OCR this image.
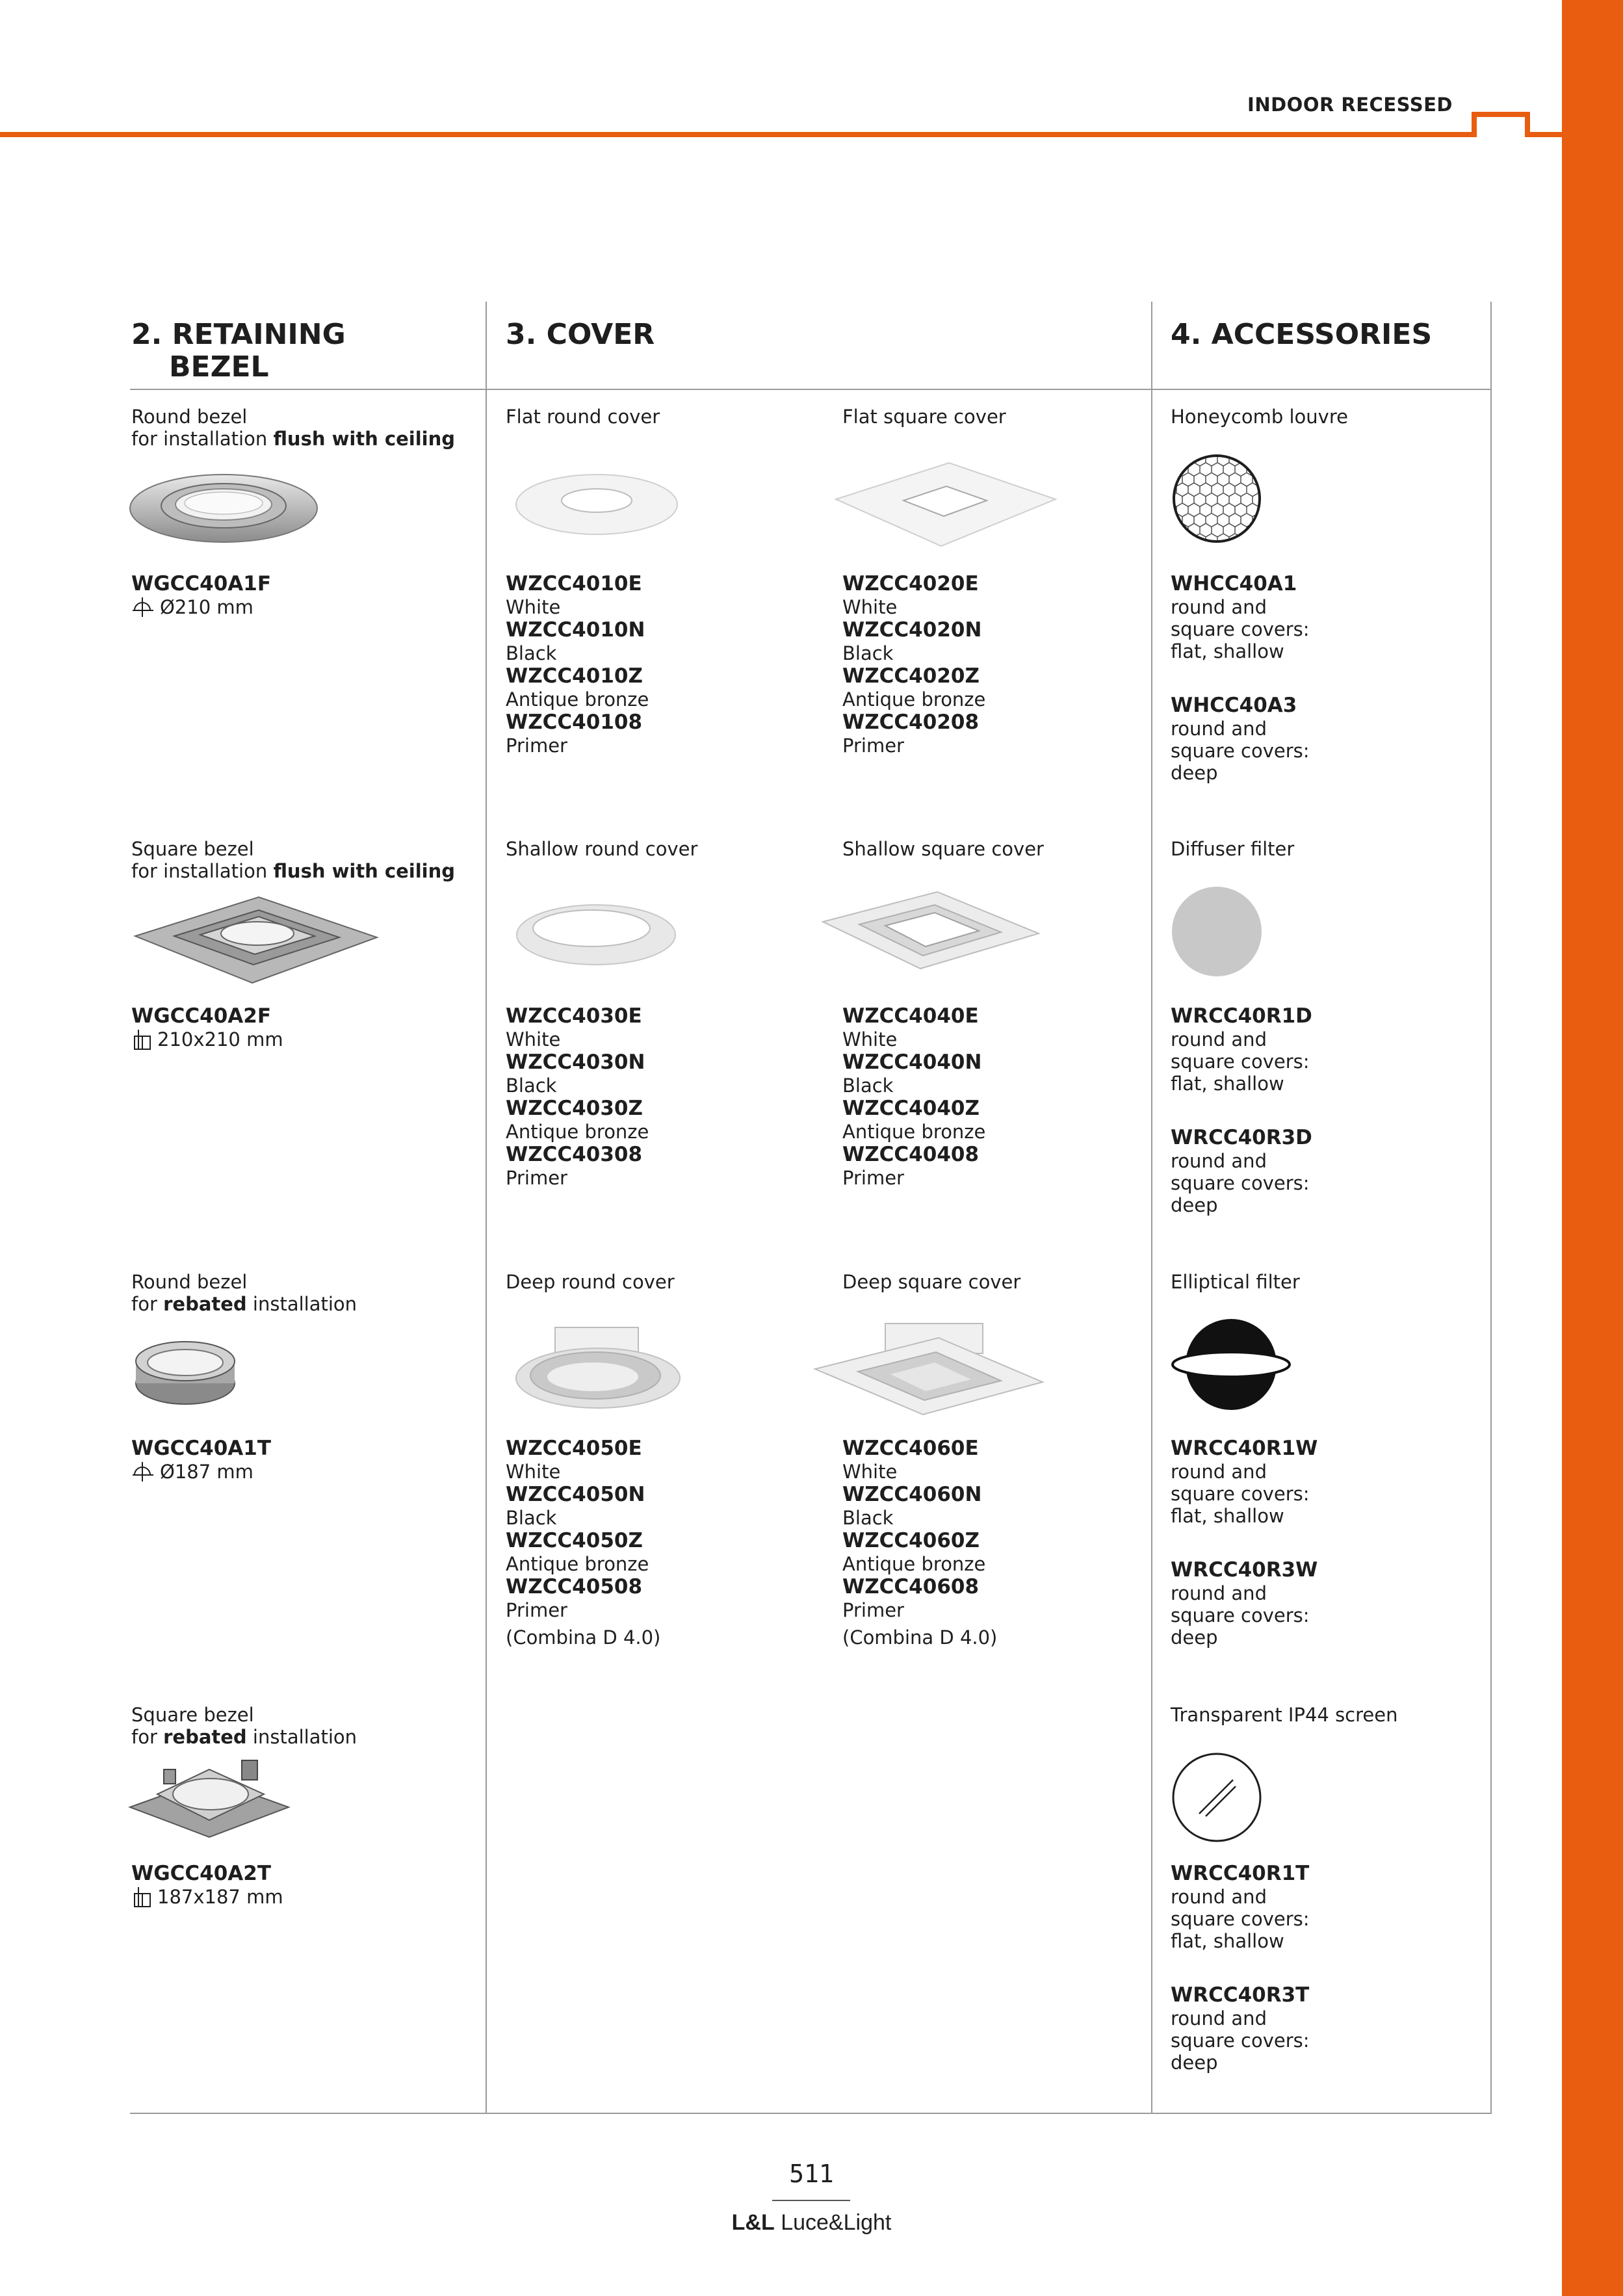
INDOOR RECESSED
2. RETAINING
BEZEL
3. COVER	4. ACCESSORIES
Round bezel
for installation flush with ceiling
WGCC40A1F
Ø210 mm
Square bezel
for installation flush with ceiling
WGCC40A2F
210x210 mm
Round bezel
for rebated installation
WGCC40A1T
Ø187 mm
Square bezel
for rebated installation
WGCC40A2T
187x187 mm
Flat round cover
WZCC4010E
White
WZCC4010N
Black
WZCC4010Z
Antique bronze
WZCC40108
Primer
Flat square cover
WZCC4020E
White
WZCC4020N
Black
WZCC4020Z
Antique bronze
WZCC40208
Primer
Shallow round cover
WZCC4030E
White
WZCC4030N
Black
WZCC4030Z
Antique bronze
WZCC40308
Primer
Shallow square cover
WZCC4040E
White
WZCC4040N
Black
WZCC4040Z
Antique bronze
WZCC40408
Primer
Deep round cover
WZCC4050E
White
WZCC4050N
Black
WZCC4050Z
Antique bronze
WZCC40508
Primer
(Combina D 4.0)
Deep square cover
WZCC4060E
White
WZCC4060N
Black
WZCC4060Z
Antique bronze
WZCC40608
Primer
(Combina D 4.0)
Honeycomb louvre
WHCC40A1
round and
square covers:
flat, shallow
WHCC40A3
round and
square covers:
deep
Diffuser filter
WRCC40R1D
round and
square covers:
flat, shallow
WRCC40R3D
round and
square covers:
deep
Elliptical filter
WRCC40R1W
round and
square covers:
flat, shallow
WRCC40R3W
round and
square covers:
deep
Transparent IP44 screen
WRCC40R1T
round and
square covers:
flat, shallow
WRCC40R3T
round and
square covers:
deep
511
L&L Luce&Light
